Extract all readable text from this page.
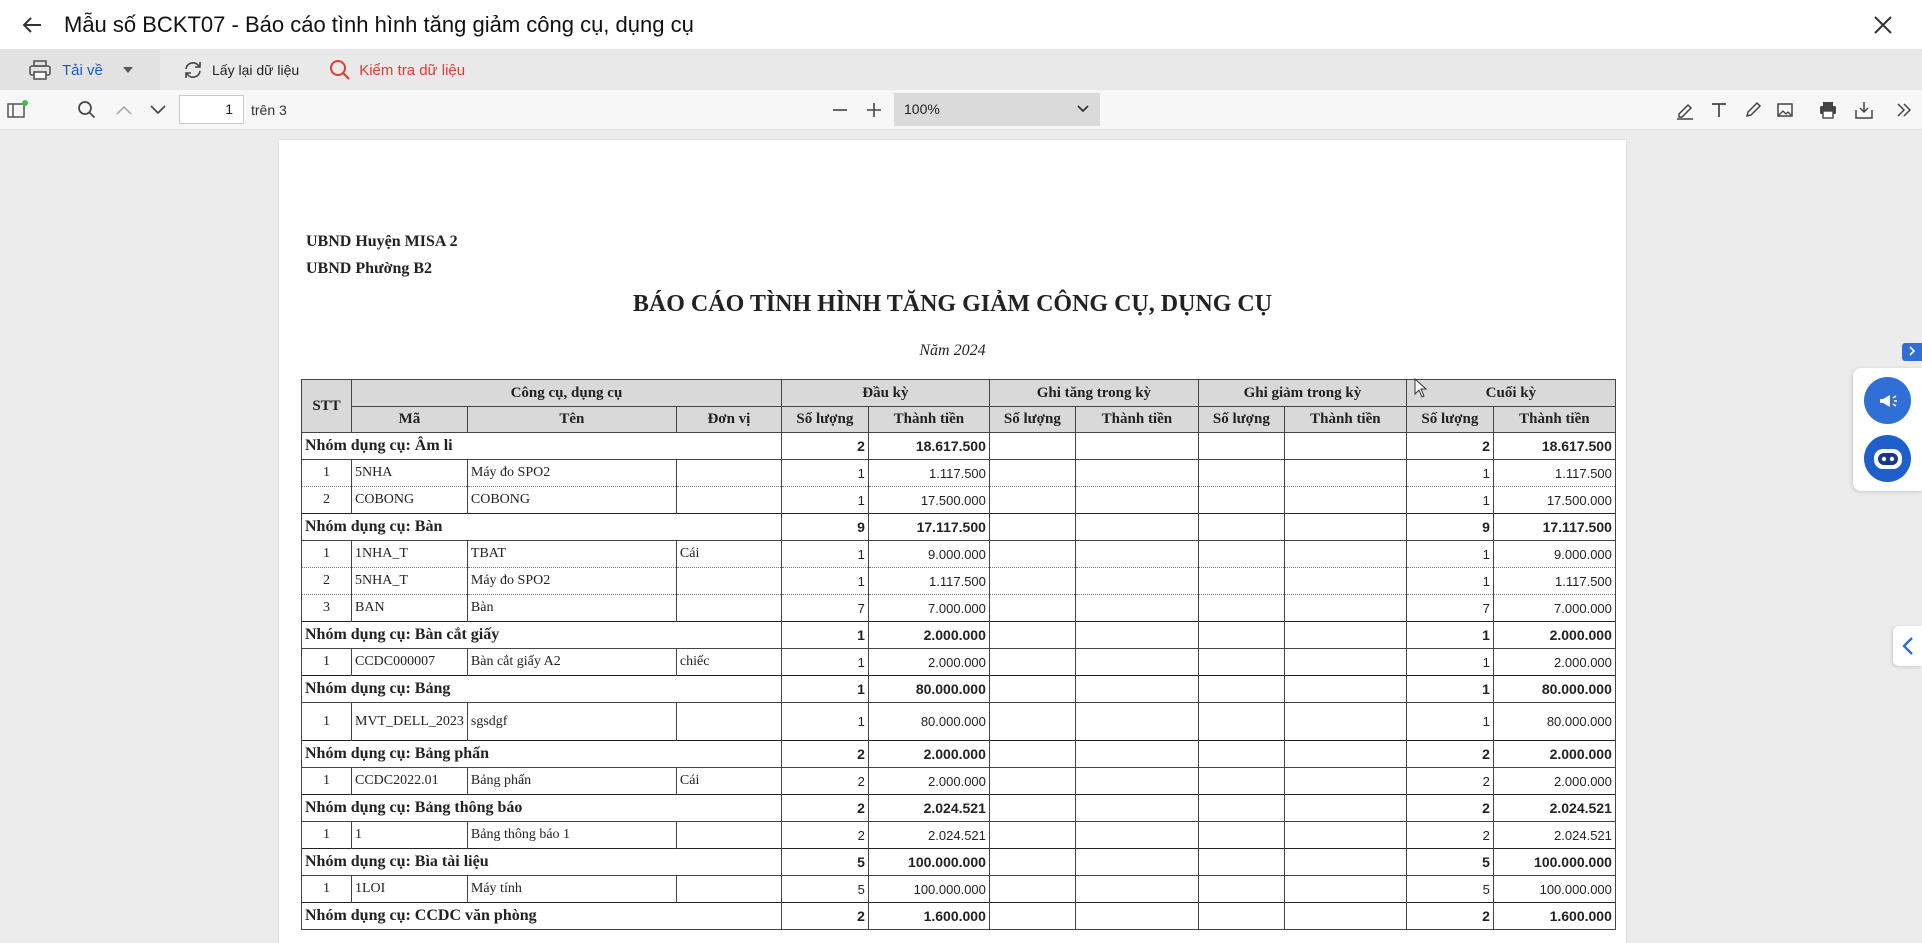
Mẫu số BCKT07 - Báo cáo tình hình tăng giảm công cụ, dụng cụ
Tải về	Lấy lại dữ liệu	Kiểm tra dữ liệu
1	trên 3	100%
UBND Huyện MISA 2
UBND Phường B2
BÁO CÁO TÌNH HÌNH TĂNG GIẢM CÔNG CỤ, DỤNG CỤ
Năm 2024
STT	Công cụ, dụng cụ			Đầu kỳ		Ghi tăng trong kỳ		Ghi giảm trong kỳ		Cuối kỳ	
	Mã	Tên	Đơn vị	Số lượng	Thành tiền	Số lượng	Thành tiền	Số lượng	Thành tiền	Số lượng	Thành tiền
Nhóm dụng cụ: Âm li				2	18.617.500					2	18.617.500
1	5NHA	Máy đo SPO2		1	1.117.500					1	1.117.500
2	COBONG	COBONG		1	17.500.000					1	17.500.000
Nhóm dụng cụ: Bàn				9	17.117.500					9	17.117.500
1	1NHA_T	TBAT	Cái	1	9.000.000					1	9.000.000
2	5NHA_T	Máy đo SPO2		1	1.117.500					1	1.117.500
3	BAN	Bàn		7	7.000.000					7	7.000.000
Nhóm dụng cụ: Bàn cắt giấy				1	2.000.000					1	2.000.000
1	CCDC000007	Bàn cắt giấy A2	chiếc	1	2.000.000					1	2.000.000
Nhóm dụng cụ: Bảng				1	80.000.000					1	80.000.000
1	MVT_DELL_2023	sgsdgf		1	80.000.000					1	80.000.000
Nhóm dụng cụ: Bảng phấn				2	2.000.000					2	2.000.000
1	CCDC2022.01	Bảng phấn	Cái	2	2.000.000					2	2.000.000
Nhóm dụng cụ: Bảng thông báo				2	2.024.521					2	2.024.521
1	1	Bảng thông báo 1		2	2.024.521					2	2.024.521
Nhóm dụng cụ: Bìa tài liệu				5	100.000.000					5	100.000.000
1	1LOI	Máy tính		5	100.000.000					5	100.000.000
Nhóm dụng cụ: CCDC văn phòng				2	1.600.000					2	1.600.000
